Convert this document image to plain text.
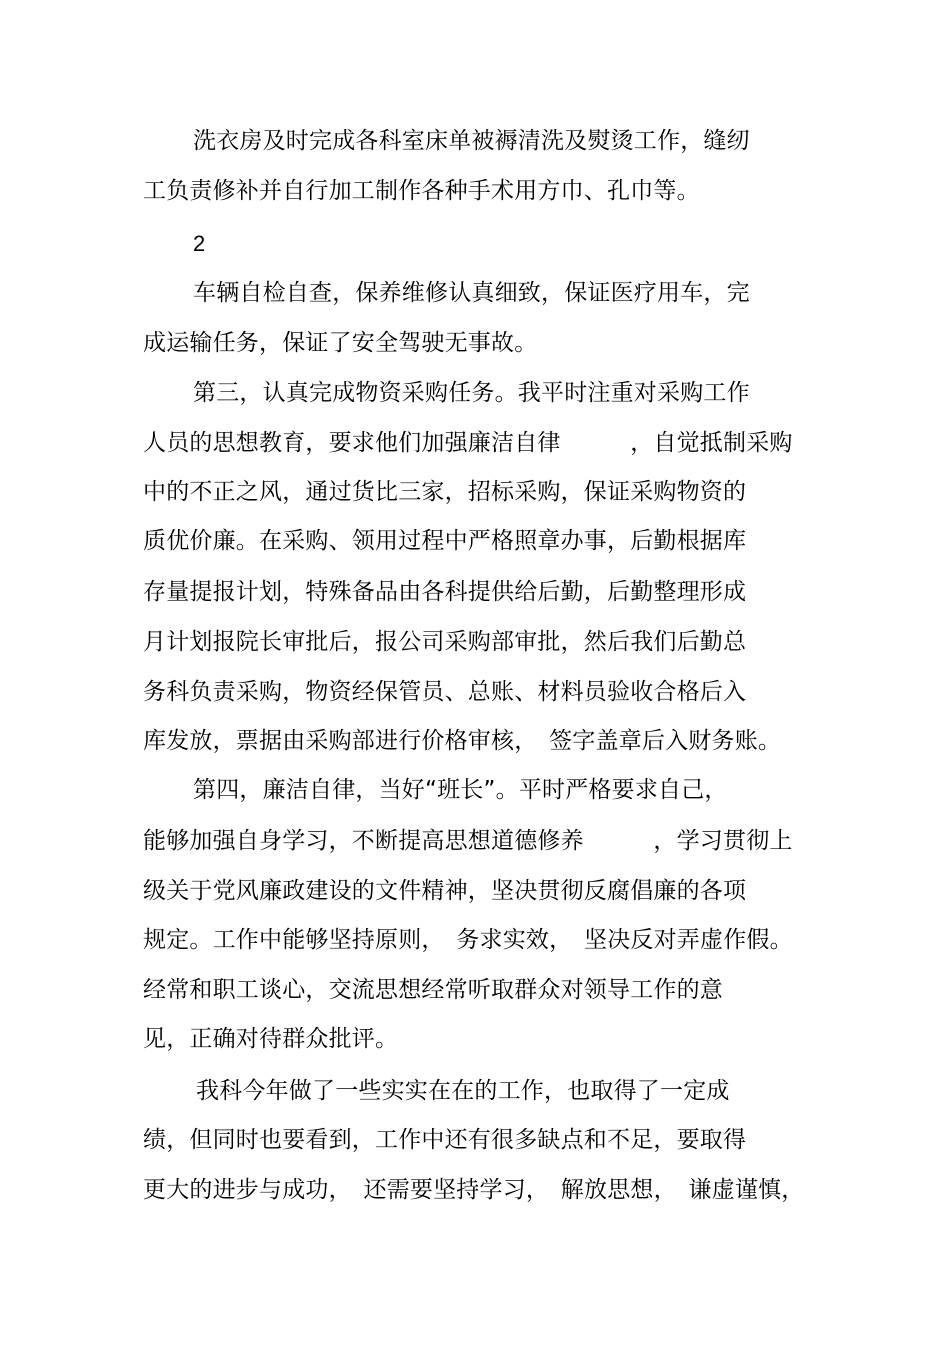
洗衣房及时完成各科室床单被褥清洗及熨烫工作，缝纫
工负责修补并自行加工制作各种手术用方巾、孔巾等。
2
车辆自检自查，保养维修认真细致，保证医疗用车，完
成运输任务，保证了安全驾驶无事故。
第三，认真完成物资采购任务。我平时注重对采购工作
人员的思想教育，要求他们加强廉洁自律　　　，自觉抵制采购
中的不正之风，通过货比三家，招标采购，保证采购物资的
质优价廉。在采购、领用过程中严格照章办事，后勤根据库
存量提报计划，特殊备品由各科提供给后勤，后勤整理形成
月计划报院长审批后，报公司采购部审批，然后我们后勤总
务科负责采购，物资经保管员、总账、材料员验收合格后入
库发放，票据由采购部进行价格审核，　签字盖章后入财务账。
第四，廉洁自律，当好“班长”。平时严格要求自己，
能够加强自身学习，不断提高思想道德修养　　　，学习贯彻上
级关于党风廉政建设的文件精神，坚决贯彻反腐倡廉的各项
规定。工作中能够坚持原则，　务求实效，　坚决反对弄虚作假。
经常和职工谈心，交流思想经常听取群众对领导工作的意
见，正确对待群众批评。
我科今年做了一些实实在在的工作，也取得了一定成
绩，但同时也要看到，工作中还有很多缺点和不足，要取得
更大的进步与成功，　还需要坚持学习，　解放思想，　谦虚谨慎，
